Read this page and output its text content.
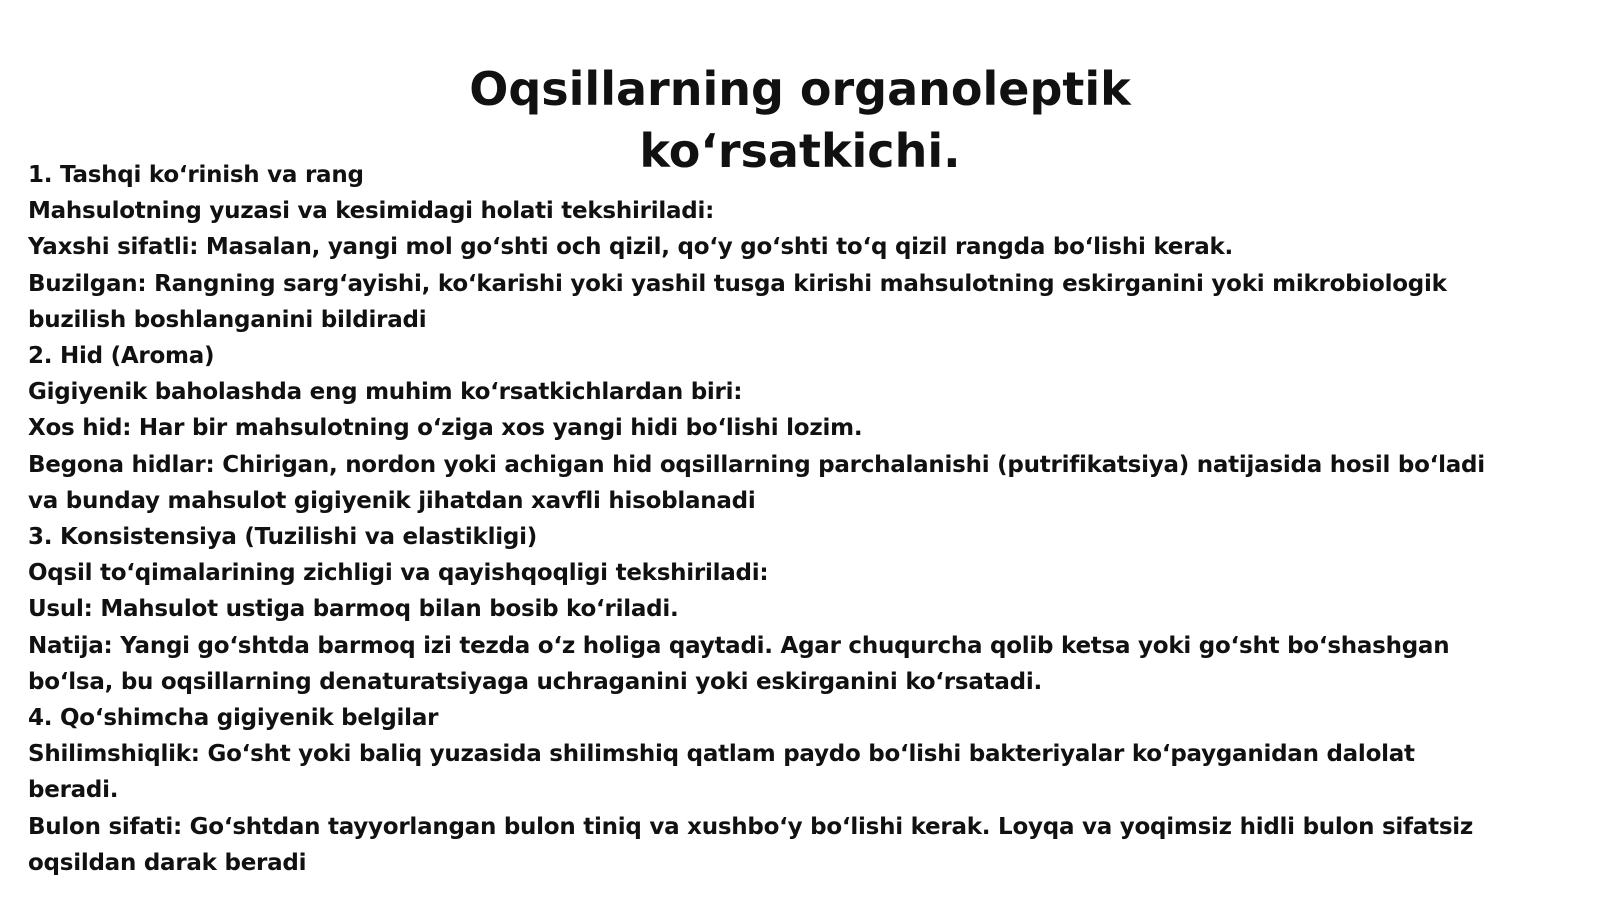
Oqsillarning organoleptik
ko‘rsatkichi.
1. Tashqi ko‘rinish va rang
Mahsulotning yuzasi va kesimidagi holati tekshiriladi:
Yaxshi sifatli: Masalan, yangi mol go‘shti och qizil, qo‘y go‘shti to‘q qizil rangda bo‘lishi kerak.
Buzilgan: Rangning sarg‘ayishi, ko‘karishi yoki yashil tusga kirishi mahsulotning eskirganini yoki mikrobiologik
buzilish boshlanganini bildiradi
2. Hid (Aroma)
Gigiyenik baholashda eng muhim ko‘rsatkichlardan biri:
Xos hid: Har bir mahsulotning o‘ziga xos yangi hidi bo‘lishi lozim.
Begona hidlar: Chirigan, nordon yoki achigan hid oqsillarning parchalanishi (putrifikatsiya) natijasida hosil bo‘ladi
va bunday mahsulot gigiyenik jihatdan xavfli hisoblanadi
3. Konsistensiya (Tuzilishi va elastikligi)
Oqsil to‘qimalarining zichligi va qayishqoqligi tekshiriladi:
Usul: Mahsulot ustiga barmoq bilan bosib ko‘riladi.
Natija: Yangi go‘shtda barmoq izi tezda o‘z holiga qaytadi. Agar chuqurcha qolib ketsa yoki go‘sht bo‘shashgan
bo‘lsa, bu oqsillarning denaturatsiyaga uchraganini yoki eskirganini ko‘rsatadi.
4. Qo‘shimcha gigiyenik belgilar
Shilimshiqlik: Go‘sht yoki baliq yuzasida shilimshiq qatlam paydo bo‘lishi bakteriyalar ko‘payganidan dalolat
beradi.
Bulon sifati: Go‘shtdan tayyorlangan bulon tiniq va xushbo‘y bo‘lishi kerak. Loyqa va yoqimsiz hidli bulon sifatsiz
oqsildan darak beradi
